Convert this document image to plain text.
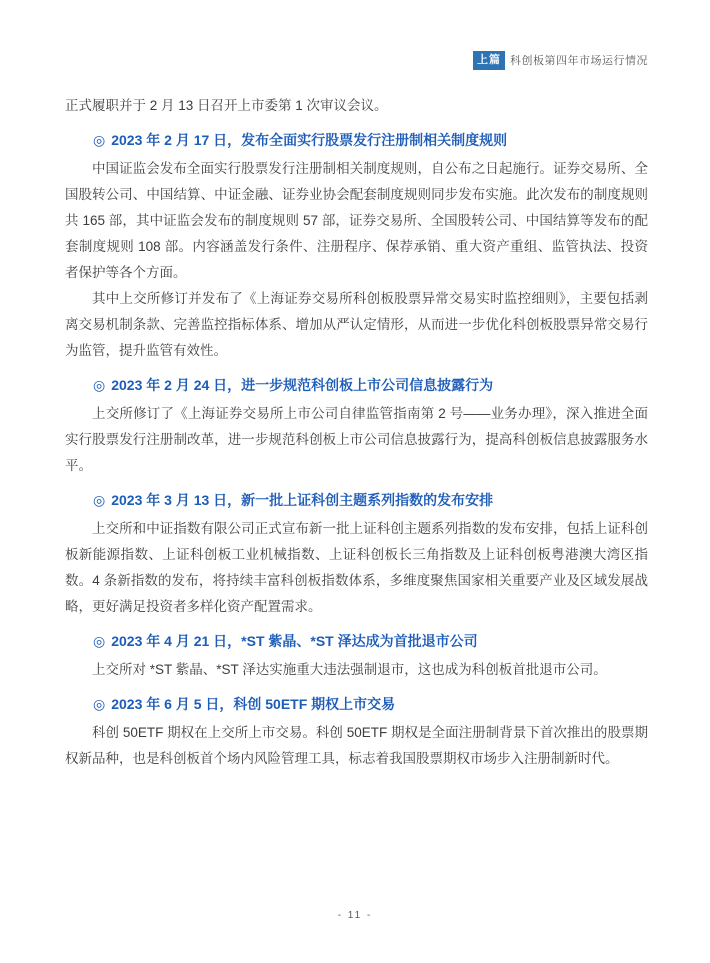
上篇 科创板第四年市场运行情况

正式履职并于 2 月 13 日召开上市委第 1 次审议会议。

◎ 2023 年 2 月 17 日，发布全面实行股票发行注册制相关制度规则

中国证监会发布全面实行股票发行注册制相关制度规则，自公布之日起施行。证券交易所、全国股转公司、中国结算、中证金融、证券业协会配套制度规则同步发布实施。此次发布的制度规则共 165 部，其中证监会发布的制度规则 57 部，证券交易所、全国股转公司、中国结算等发布的配套制度规则 108 部。内容涵盖发行条件、注册程序、保荐承销、重大资产重组、监管执法、投资者保护等各个方面。

其中上交所修订并发布了《上海证券交易所科创板股票异常交易实时监控细则》，主要包括剥离交易机制条款、完善监控指标体系、增加从严认定情形，从而进一步优化科创板股票异常交易行为监管，提升监管有效性。

◎ 2023 年 2 月 24 日，进一步规范科创板上市公司信息披露行为

上交所修订了《上海证券交易所上市公司自律监管指南第 2 号——业务办理》，深入推进全面实行股票发行注册制改革，进一步规范科创板上市公司信息披露行为，提高科创板信息披露服务水平。

◎ 2023 年 3 月 13 日，新一批上证科创主题系列指数的发布安排

上交所和中证指数有限公司正式宣布新一批上证科创主题系列指数的发布安排，包括上证科创板新能源指数、上证科创板工业机械指数、上证科创板长三角指数及上证科创板粤港澳大湾区指数。4 条新指数的发布，将持续丰富科创板指数体系，多维度聚焦国家相关重要产业及区域发展战略，更好满足投资者多样化资产配置需求。

◎ 2023 年 4 月 21 日，*ST 紫晶、*ST 泽达成为首批退市公司

上交所对 *ST 紫晶、*ST 泽达实施重大违法强制退市，这也成为科创板首批退市公司。

◎ 2023 年 6 月 5 日，科创 50ETF 期权上市交易

科创 50ETF 期权在上交所上市交易。科创 50ETF 期权是全面注册制背景下首次推出的股票期权新品种，也是科创板首个场内风险管理工具，标志着我国股票期权市场步入注册制新时代。

- 11 -
